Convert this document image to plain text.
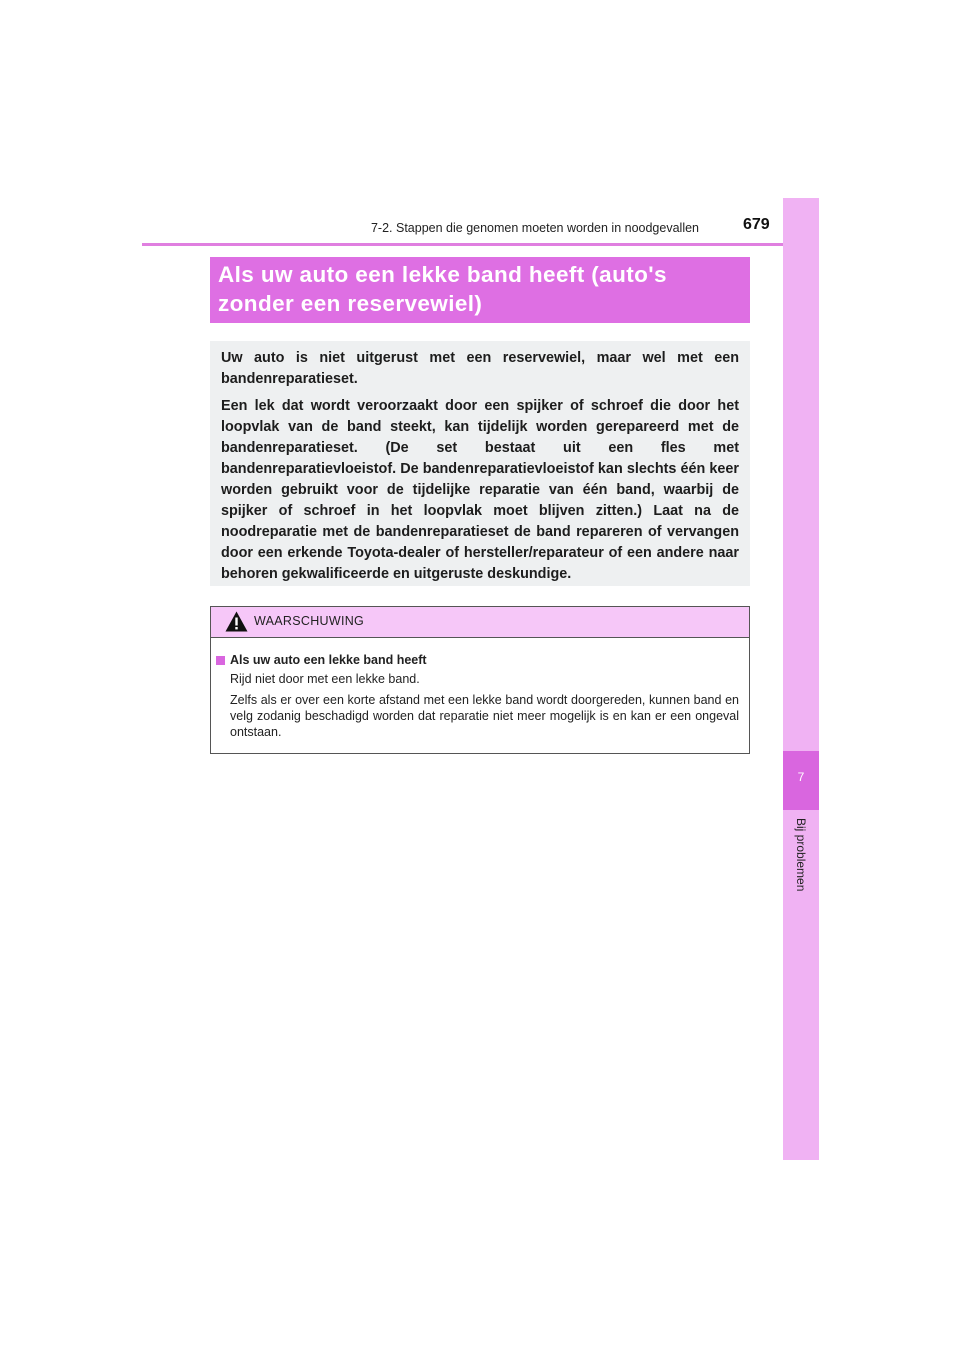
7-2. Stappen die genomen moeten worden in noodgevallen	679
7
Bij problemen
Als uw auto een lekke band heeft (auto's
zonder een reservewiel)

Uw auto is niet uitgerust met een reservewiel, maar wel met een bandenreparatieset.

Een lek dat wordt veroorzaakt door een spijker of schroef die door het loopvlak van de band steekt, kan tijdelijk worden gerepareerd met de bandenreparatieset. (De set bestaat uit een fles met bandenreparatievloeistof. De bandenreparatievloeistof kan slechts één keer worden gebruikt voor de tijdelijke reparatie van één band, waarbij de spijker of schroef in het loopvlak moet blijven zitten.) Laat na de noodreparatie met de bandenreparatieset de band repareren of vervangen door een erkende Toyota-dealer of hersteller/reparateur of een andere naar behoren gekwalificeerde en uitgeruste deskundige.

WAARSCHUWING
Als uw auto een lekke band heeft

Rijd niet door met een lekke band.

Zelfs als er over een korte afstand met een lekke band wordt doorgereden, kunnen band en velg zodanig beschadigd worden dat reparatie niet meer mogelijk is en kan er een ongeval ontstaan.
